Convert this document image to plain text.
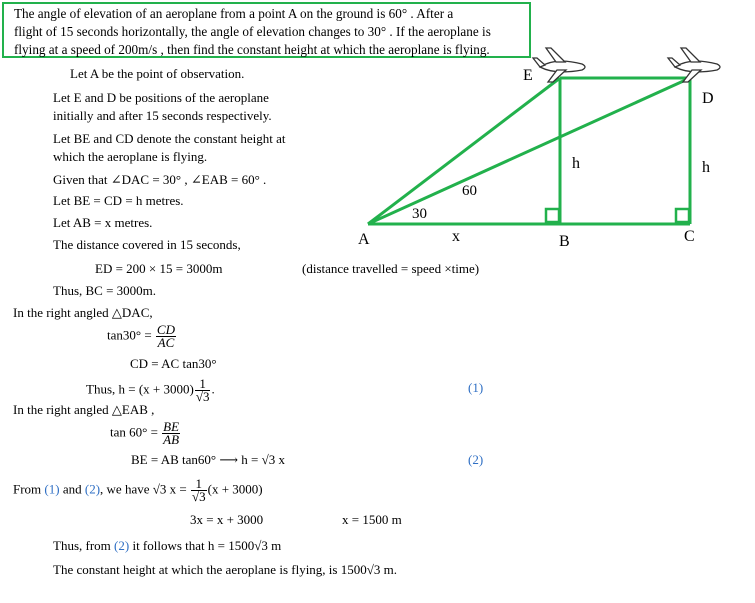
The angle of elevation of an aeroplane from a point A on the ground is 60° . After a
flight of 15 seconds horizontally, the angle of elevation changes to 30° . If the aeroplane is
flying at a speed of 200m/s , then find the constant height at which the aeroplane is flying.
A	B	C
D
E
h	h
x
60
30
Let A be the point of observation.
Let E and D be positions of the aeroplane
initially and after 15 seconds respectively.
Let BE and CD denote the constant height at
which the aeroplane is flying.
Given that ∠DAC = 30° , ∠EAB = 60° .
Let BE = CD = h metres.
Let AB = x metres.
The distance covered in 15 seconds,
ED = 200 × 15 = 3000m	(distance travelled = speed ×time)
Thus, BC = 3000m.
In the right angled △DAC,
$\tan 30^\circ = \frac{CD}{AC}$
CD = AC tan30°
Thus, $h = (x + 3000) \frac{1}{√3}$ .	(1)
In the right angled △EAB ,
$\tan 60^\circ = \frac{BE}{AB}$
BE = AB tan60° ⟶ h = √3 x	(2)
From (1) and (2), we have √3 $x = \frac{1}{√3} (x + 3000)$
3x = x + 3000	x = 1500 m
Thus, from (2) it follows that h = 1500√3 m
The constant height at which the aeroplane is flying, is 1500√3 m.
